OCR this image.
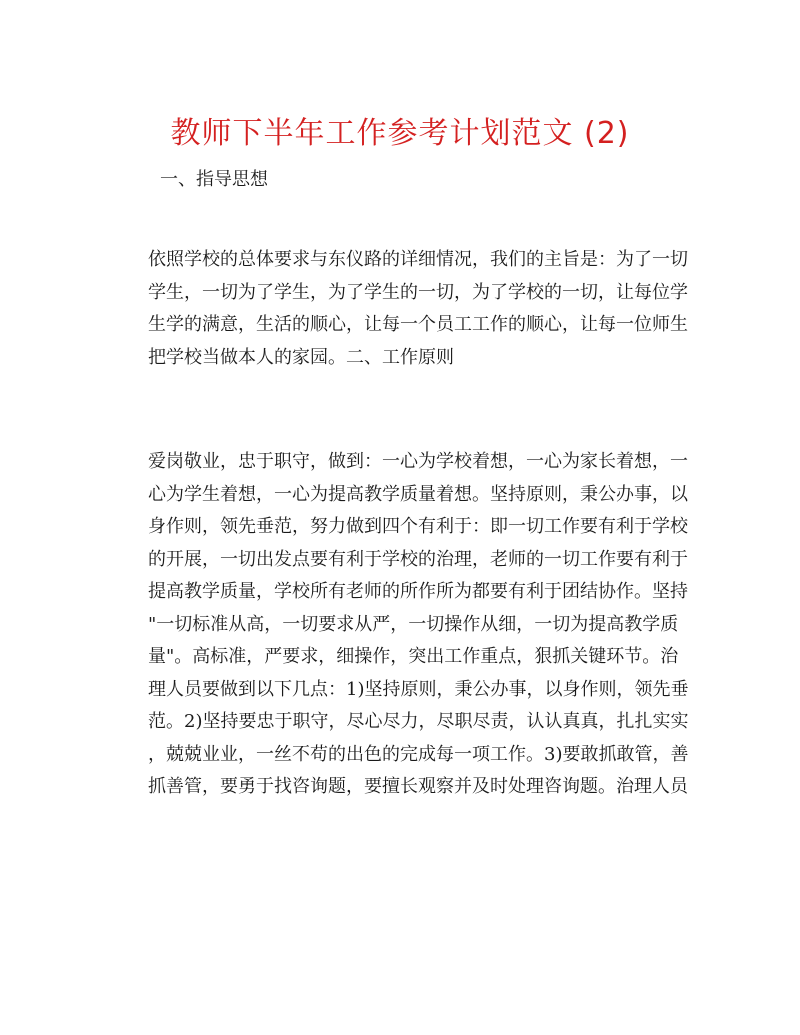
教师下半年工作参考计划范文 (2)

一、指导思想

依照学校的总体要求与东仪路的详细情况，我们的主旨是：为了一切
学生，一切为了学生，为了学生的一切，为了学校的一切，让每位学
生学的满意，生活的顺心，让每一个员工工作的顺心，让每一位师生
把学校当做本人的家园。二、工作原则

爱岗敬业，忠于职守，做到：一心为学校着想，一心为家长着想，一
心为学生着想，一心为提高教学质量着想。坚持原则，秉公办事，以
身作则，领先垂范，努力做到四个有利于：即一切工作要有利于学校
的开展，一切出发点要有利于学校的治理，老师的一切工作要有利于
提高教学质量，学校所有老师的所作所为都要有利于团结协作。坚持
"一切标准从高，一切要求从严，一切操作从细，一切为提高教学质
量"。高标准，严要求，细操作，突出工作重点，狠抓关键环节。治
理人员要做到以下几点：1)坚持原则，秉公办事，以身作则，领先垂
范。2)坚持要忠于职守，尽心尽力，尽职尽责，认认真真，扎扎实实
，兢兢业业，一丝不苟的出色的完成每一项工作。3)要敢抓敢管，善
抓善管，要勇于找咨询题，要擅长观察并及时处理咨询题。治理人员
